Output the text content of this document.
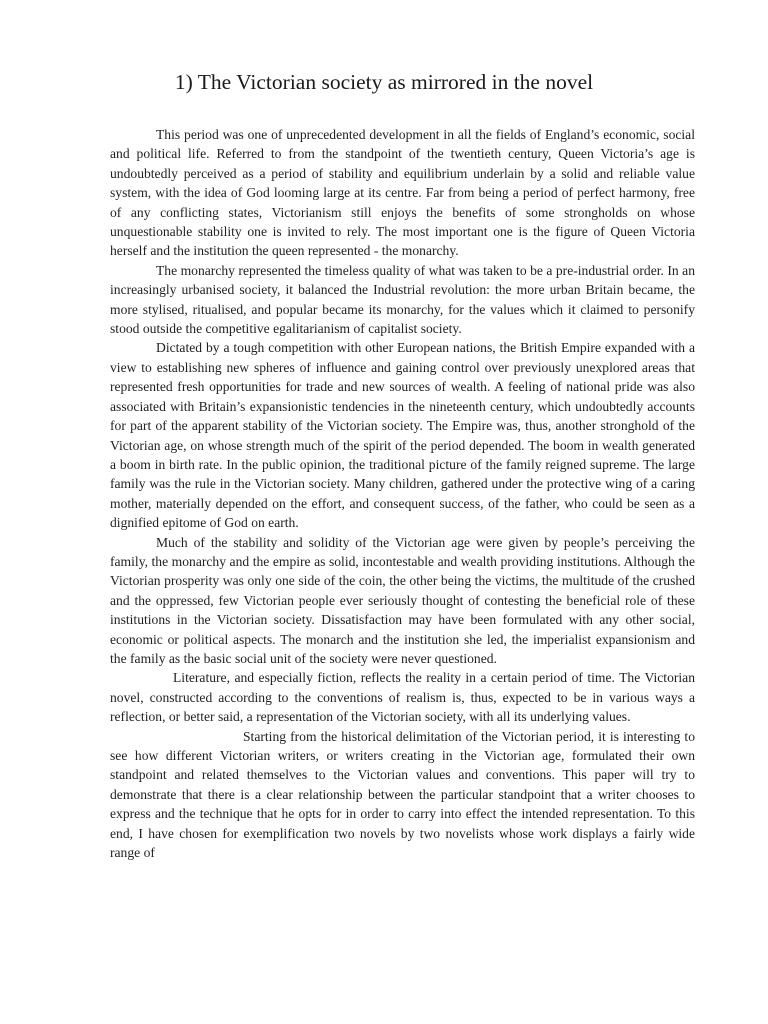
1) The Victorian society as mirrored in the novel

This period was one of unprecedented development in all the fields of England’s economic, social and political life. Referred to from the standpoint of the twentieth century, Queen Victoria’s age is undoubtedly perceived as a period of stability and equilibrium underlain by a solid and reliable value system, with the idea of God looming large at its centre. Far from being a period of perfect harmony, free of any conflicting states, Victorianism still enjoys the benefits of some strongholds on whose unquestionable stability one is invited to rely. The most important one is the figure of Queen Victoria herself and the institution the queen represented - the monarchy.

The monarchy represented the timeless quality of what was taken to be a pre-industrial order. In an increasingly urbanised society, it balanced the Industrial revolution: the more urban Britain became, the more stylised, ritualised, and popular became its monarchy, for the values which it claimed to personify stood outside the competitive egalitarianism of capitalist society.

Dictated by a tough competition with other European nations, the British Empire expanded with a view to establishing new spheres of influence and gaining control over previously unexplored areas that represented fresh opportunities for trade and new sources of wealth. A feeling of national pride was also associated with Britain’s expansionistic tendencies in the nineteenth century, which undoubtedly accounts for part of the apparent stability of the Victorian society. The Empire was, thus, another stronghold of the Victorian age, on whose strength much of the spirit of the period depended. The boom in wealth generated a boom in birth rate. In the public opinion, the traditional picture of the family reigned supreme. The large family was the rule in the Victorian society. Many children, gathered under the protective wing of a caring mother, materially depended on the effort, and consequent success, of the father, who could be seen as a dignified epitome of God on earth.

Much of the stability and solidity of the Victorian age were given by people’s perceiving the family, the monarchy and the empire as solid, incontestable and wealth providing institutions. Although the Victorian prosperity was only one side of the coin, the other being the victims, the multitude of the crushed and the oppressed, few Victorian people ever seriously thought of contesting the beneficial role of these institutions in the Victorian society. Dissatisfaction may have been formulated with any other social, economic or political aspects. The monarch and the institution she led, the imperialist expansionism and the family as the basic social unit of the society were never questioned.

Literature, and especially fiction, reflects the reality in a certain period of time. The Victorian novel, constructed according to the conventions of realism is, thus, expected to be in various ways a reflection, or better said, a representation of the Victorian society, with all its underlying values.

Starting from the historical delimitation of the Victorian period, it is interesting to see how different Victorian writers, or writers creating in the Victorian age, formulated their own standpoint and related themselves to the Victorian values and conventions. This paper will try to demonstrate that there is a clear relationship between the particular standpoint that a writer chooses to express and the technique that he opts for in order to carry into effect the intended representation. To this end, I have chosen for exemplification two novels by two novelists whose work displays a fairly wide range of
